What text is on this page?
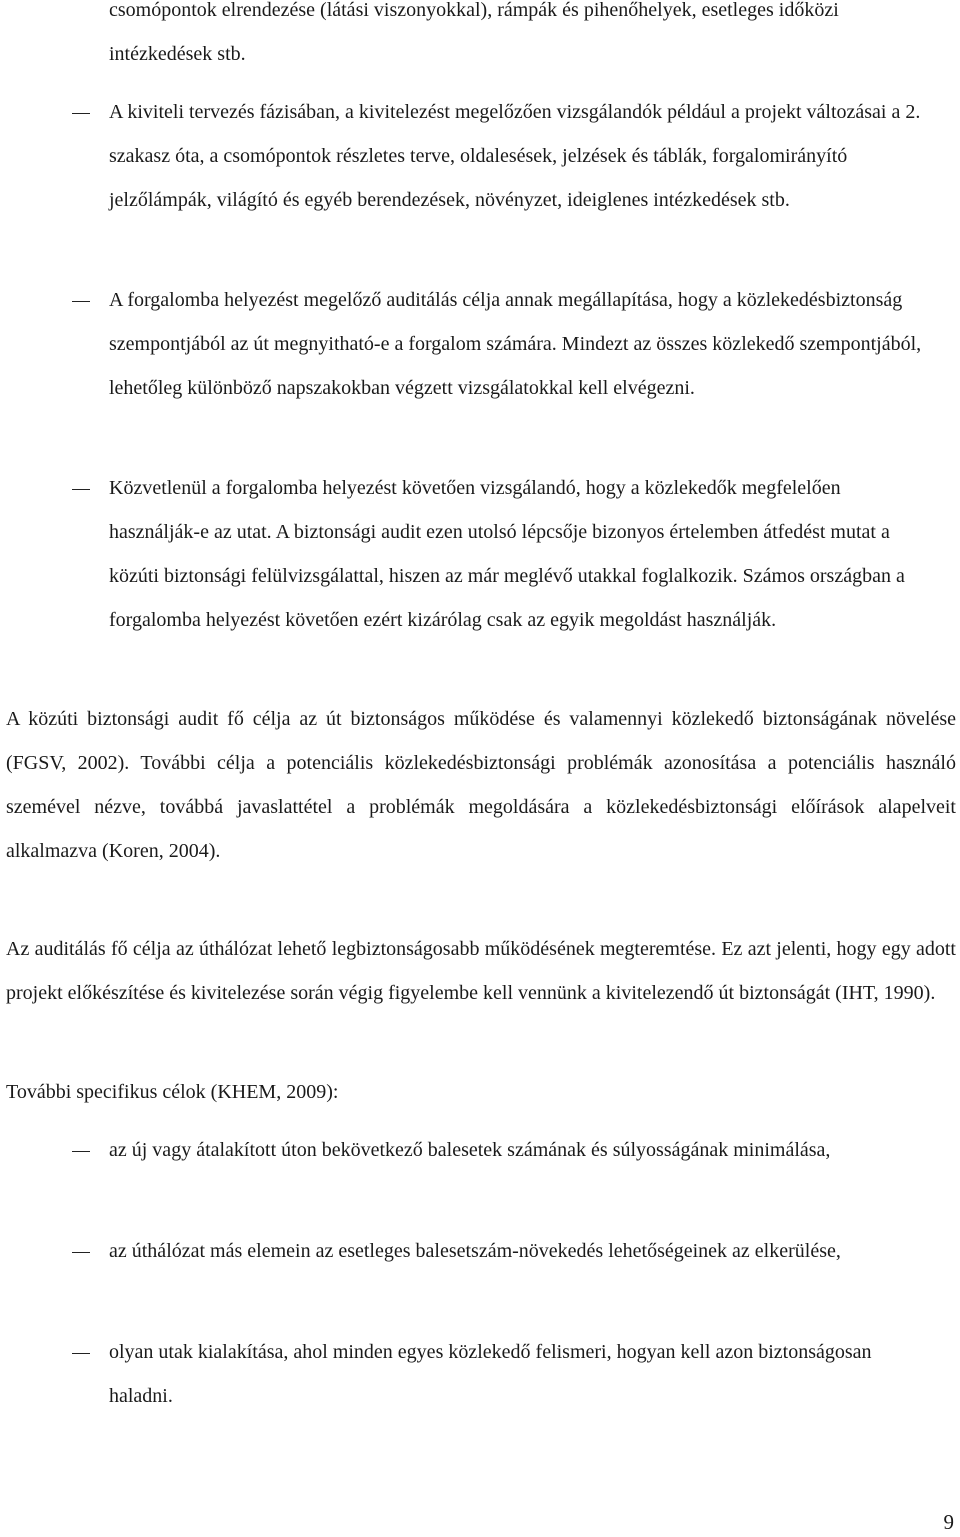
csomópontok elrendezése (látási viszonyokkal), rámpák és pihenőhelyek, esetleges időközi intézkedések stb.

A kiviteli tervezés fázisában, a kivitelezést megelőzően vizsgálandók például a projekt változásai a 2. szakasz óta, a csomópontok részletes terve, oldalesések, jelzések és táblák, forgalomirányító jelzőlámpák, világító és egyéb berendezések, növényzet, ideiglenes intézkedések stb.

A forgalomba helyezést megelőző auditálás célja annak megállapítása, hogy a közlekedésbiztonság szempontjából az út megnyitható-e a forgalom számára. Mindezt az összes közlekedő szempontjából, lehetőleg különböző napszakokban végzett vizsgálatokkal kell elvégezni.

Közvetlenül a forgalomba helyezést követően vizsgálandó, hogy a közlekedők megfelelően használják-e az utat. A biztonsági audit ezen utolsó lépcsője bizonyos értelemben átfedést mutat a közúti biztonsági felülvizsgálattal, hiszen az már meglévő utakkal foglalkozik. Számos országban a forgalomba helyezést követően ezért kizárólag csak az egyik megoldást használják.

A közúti biztonsági audit fő célja az út biztonságos működése és valamennyi közlekedő biztonságának növelése (FGSV, 2002). További célja a potenciális közlekedésbiztonsági problémák azonosítása a potenciális használó szemével nézve, továbbá javaslattétel a problémák megoldására a közlekedésbiztonsági előírások alapelveit alkalmazva (Koren, 2004).

Az auditálás fő célja az úthálózat lehető legbiztonságosabb működésének megteremtése. Ez azt jelenti, hogy egy adott projekt előkészítése és kivitelezése során végig figyelembe kell vennünk a kivitelezendő út biztonságát (IHT, 1990).

További specifikus célok (KHEM, 2009):

az új vagy átalakított úton bekövetkező balesetek számának és súlyosságának minimálása,

az úthálózat más elemein az esetleges balesetszám-növekedés lehetőségeinek az elkerülése,

olyan utak kialakítása, ahol minden egyes közlekedő felismeri, hogyan kell azon biztonságosan haladni.

9
